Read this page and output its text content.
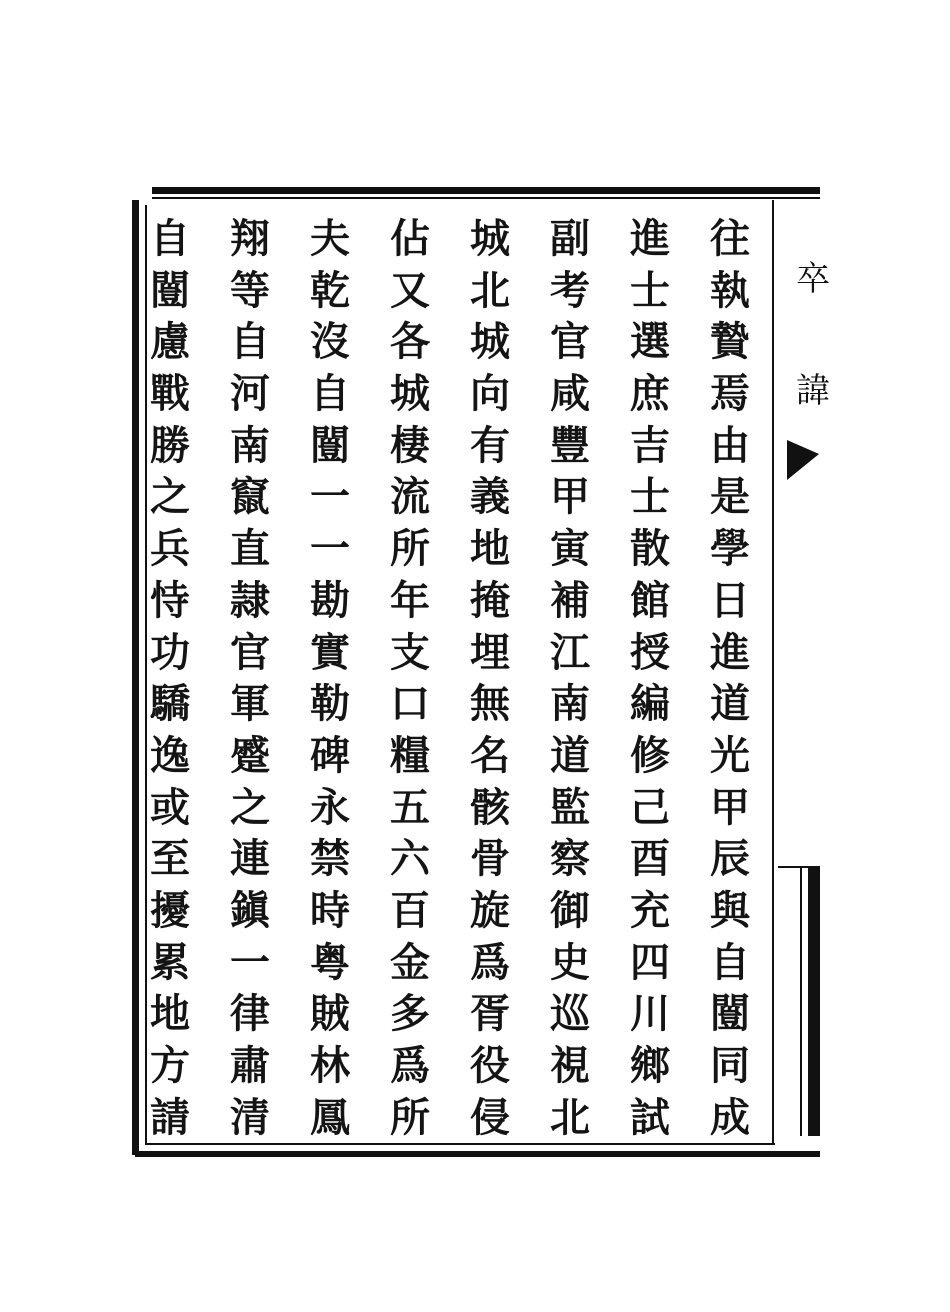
卒
諱
往
執
贄
焉
由
是
學
日
進
道
光
甲
辰
與
自
闓
同
成
進
士
選
庶
吉
士
散
館
授
編
修
己
酉
充
四
川
鄉
試
副
考
官
咸
豐
甲
寅
補
江
南
道
監
察
御
史
巡
視
北
城
北
城
向
有
義
地
掩
埋
無
名
骸
骨
旋
爲
胥
役
侵
佔
又
各
城
棲
流
所
年
支
口
糧
五
六
百
金
多
爲
所
夫
乾
沒
自
闓
一
一
勘
實
勒
碑
永
禁
時
粤
賊
林
鳳
翔
等
自
河
南
竄
直
隷
官
軍
蹙
之
連
鎭
一
律
肅
清
自
闓
慮
戰
勝
之
兵
恃
功
驕
逸
或
至
擾
累
地
方
請
